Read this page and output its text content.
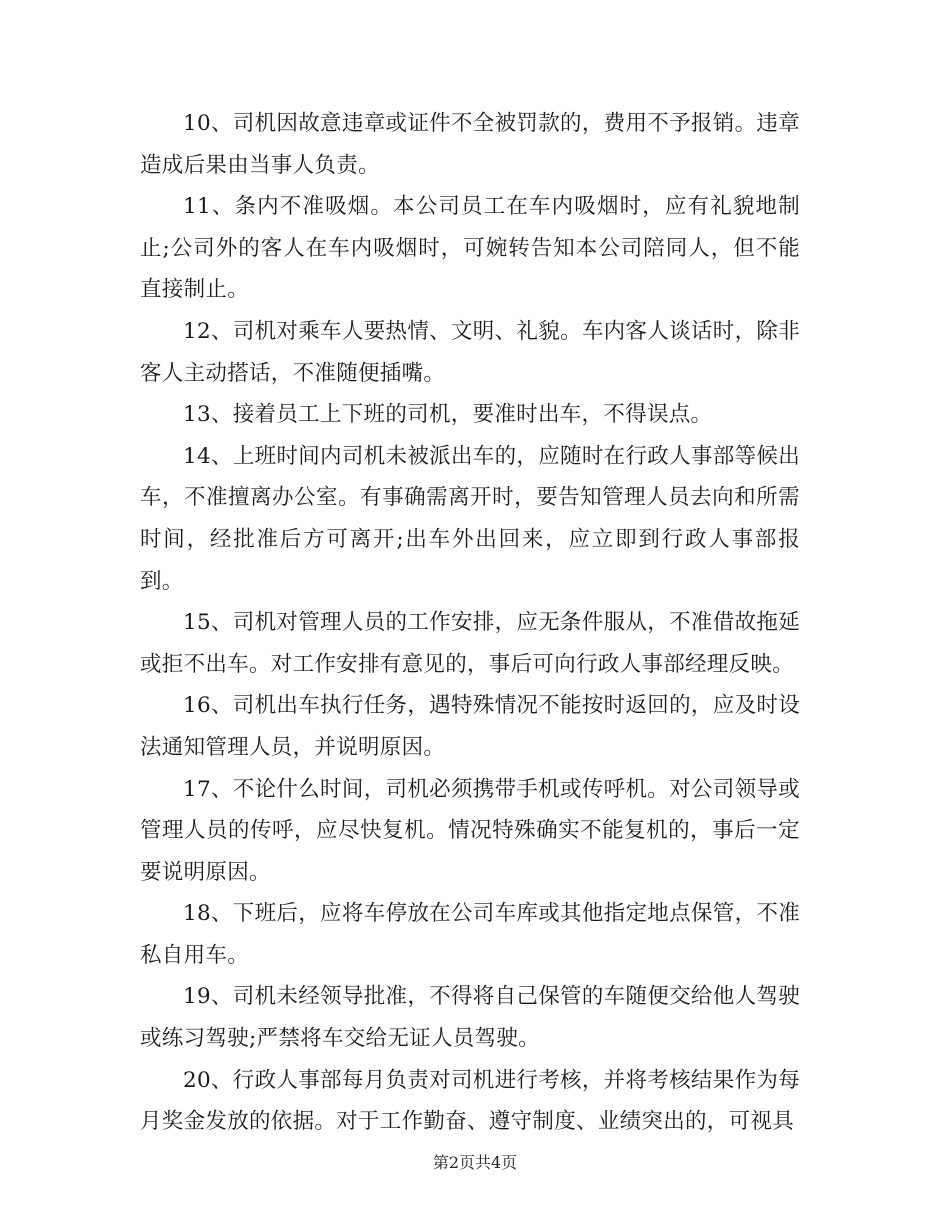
10、司机因故意违章或证件不全被罚款的，费用不予报销。违章造成后果由当事人负责。

11、条内不准吸烟。本公司员工在车内吸烟时，应有礼貌地制止;公司外的客人在车内吸烟时，可婉转告知本公司陪同人，但不能直接制止。

12、司机对乘车人要热情、文明、礼貌。车内客人谈话时，除非客人主动搭话，不准随便插嘴。

13、接着员工上下班的司机，要准时出车，不得误点。

14、上班时间内司机未被派出车的，应随时在行政人事部等候出车，不准擅离办公室。有事确需离开时，要告知管理人员去向和所需时间，经批准后方可离开;出车外出回来，应立即到行政人事部报到。

15、司机对管理人员的工作安排，应无条件服从，不准借故拖延或拒不出车。对工作安排有意见的，事后可向行政人事部经理反映。

16、司机出车执行任务，遇特殊情况不能按时返回的，应及时设法通知管理人员，并说明原因。

17、不论什么时间，司机必须携带手机或传呼机。对公司领导或管理人员的传呼，应尽快复机。情况特殊确实不能复机的，事后一定要说明原因。

18、下班后，应将车停放在公司车库或其他指定地点保管，不准私自用车。

19、司机未经领导批准，不得将自己保管的车随便交给他人驾驶或练习驾驶;严禁将车交给无证人员驾驶。

20、行政人事部每月负责对司机进行考核，并将考核结果作为每月奖金发放的依据。对于工作勤奋、遵守制度、业绩突出的，可视具

第2页共4页
